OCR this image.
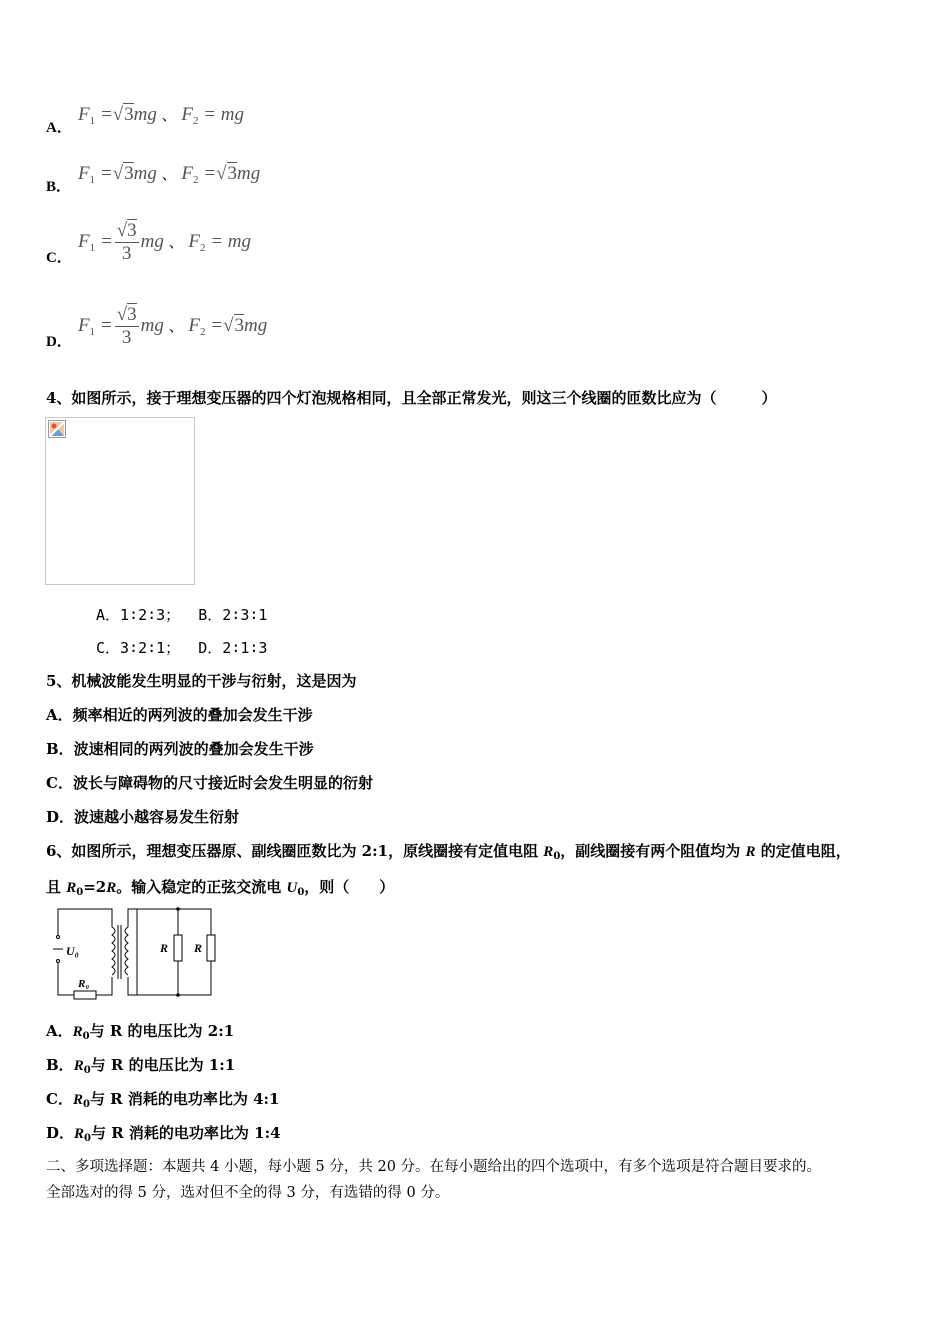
A．
$F_1 =√3mg$ 、 $F_2$ = mg
B．
$F_1 =√3mg$ 、 $F_2 =√3mg$
C．
$F_1 = \frac{√3}{3}$ mg 、 $F_2$ = mg
D．
$F_1 = \frac{√3}{3}$ mg 、 $F_2 =√3mg$
4、如图所示，接于理想变压器的四个灯泡规格相同，且全部正常发光，则这三个线圈的匝数比应为（　　　）
A．1∶2∶3；  B．2∶3∶1
C．3∶2∶1；  D．2∶1∶3
5、机械波能发生明显的干涉与衍射，这是因为
A．频率相近的两列波的叠加会发生干涉
B．波速相同的两列波的叠加会发生干涉
C．波长与障碍物的尺寸接近时会发生明显的衍射
D．波速越小越容易发生衍射
6、如图所示，理想变压器原、副线圈匝数比为 2:1，原线圈接有定值电阻 $R_0$，副线圈接有两个阻值均为 R 的定值电阻，
且 $R_0=2R$。输入稳定的正弦交流电 $U_0$，则（　　）
U₀
R₀
R R
A．$R_0$与 R 的电压比为 2:1
B．$R_0$与 R 的电压比为 1:1
C．$R_0$与 R 消耗的电功率比为 4:1
D．$R_0$与 R 消耗的电功率比为 1:4
二、多项选择题：本题共 4 小题，每小题 5 分，共 20 分。在每小题给出的四个选项中，有多个选项是符合题目要求的。
全部选对的得 5 分，选对但不全的得 3 分，有选错的得 0 分。
